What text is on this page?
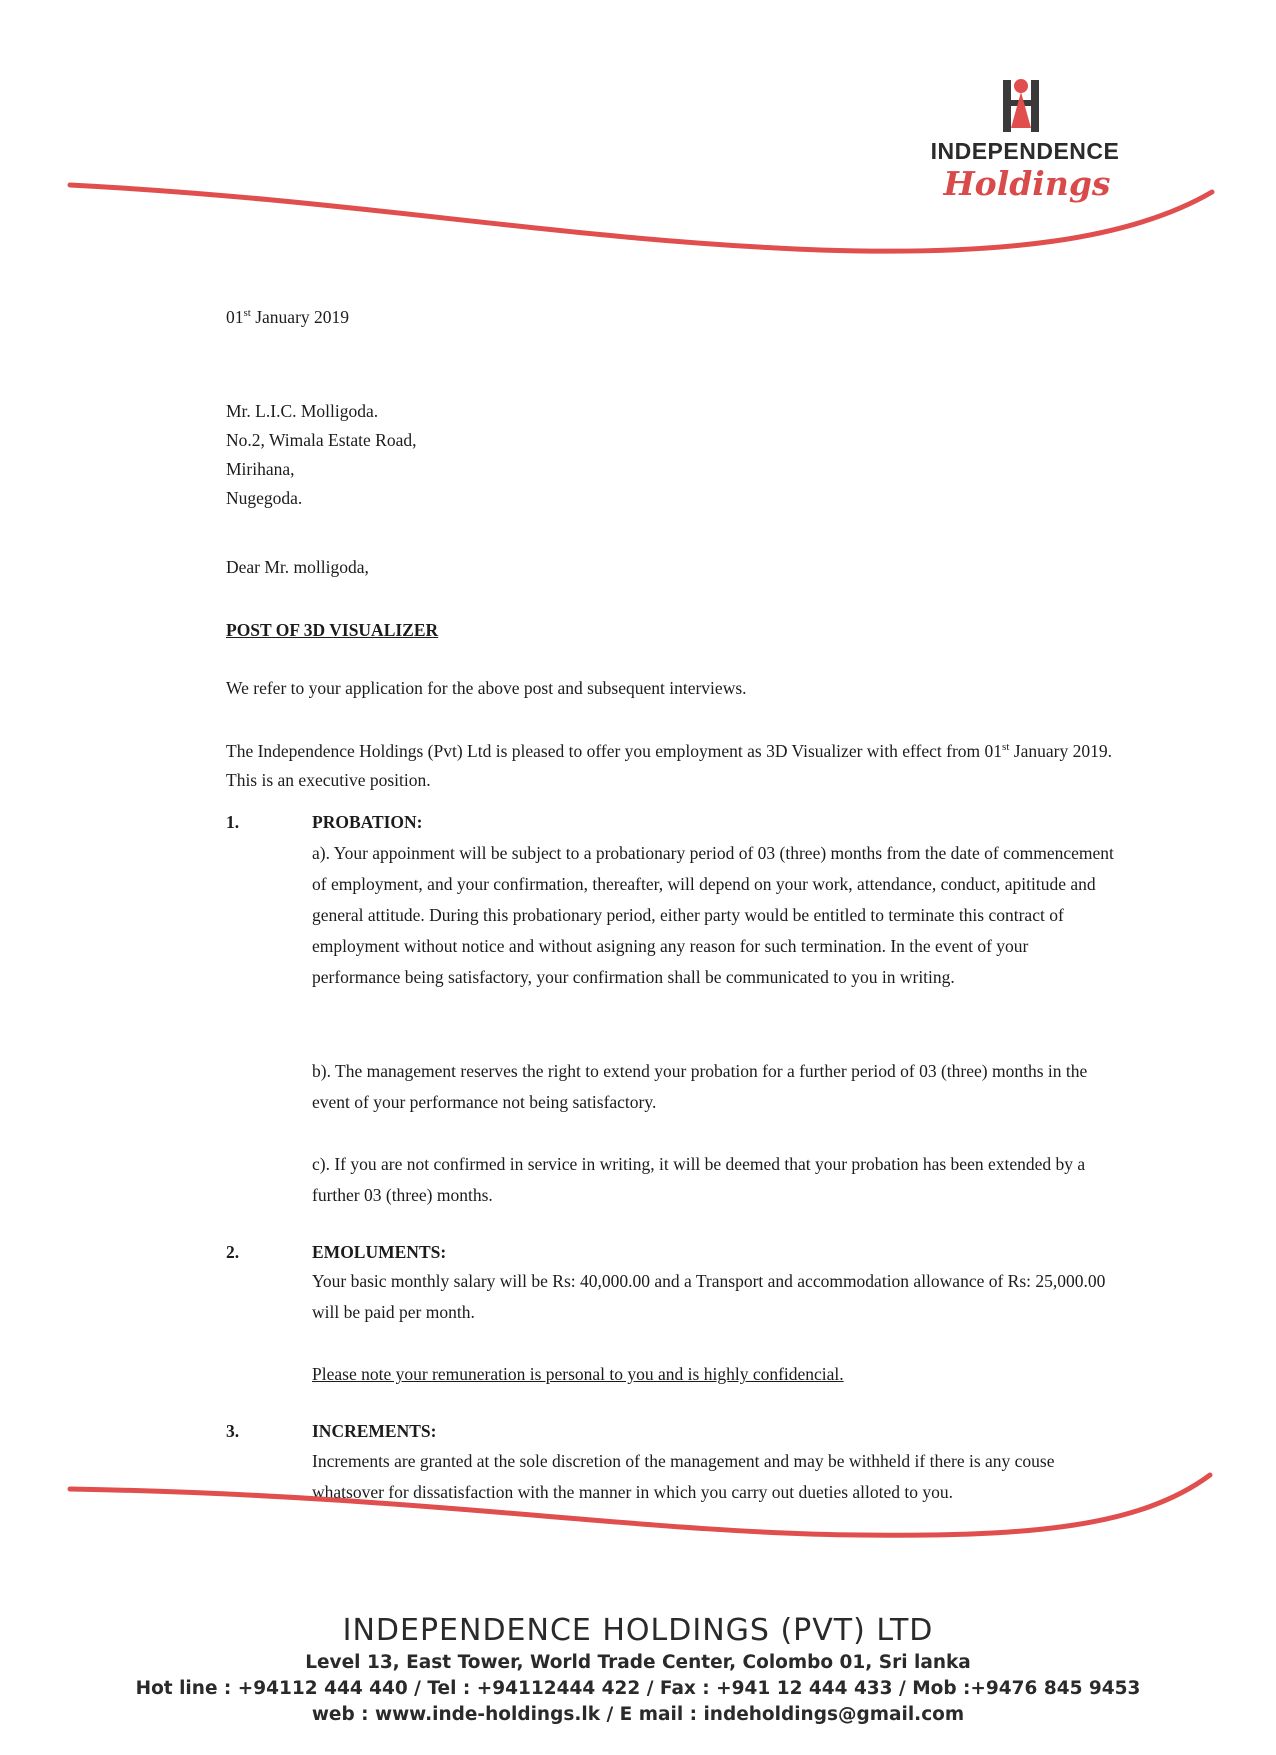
INDEPENDENCE
Holdings
01st January 2019
Mr. L.I.C. Molligoda.
No.2, Wimala Estate Road,
Mirihana,
Nugegoda.
Dear Mr. molligoda,
POST OF 3D VISUALIZER
We refer to your application for the above post and subsequent interviews.
The Independence Holdings (Pvt) Ltd is pleased to offer you employment as 3D Visualizer with effect from 01st January 2019. This is an executive position.
1.	PROBATION:
a). Your appoinment will be subject to a probationary period of 03 (three) months from the date of commencement of employment, and your confirmation, thereafter, will depend on your work, attendance, conduct, apititude and general attitude. During this probationary period, either party would be entitled to terminate this contract of employment without notice and without asigning any reason for such termination. In the event of your performance being satisfactory, your confirmation shall be communicated to you in writing.
b). The management reserves the right to extend your probation for a further period of 03 (three) months in the event of your performance not being satisfactory.
c). If you are not confirmed in service in writing, it will be deemed that your probation has been extended by a further 03 (three) months.
2.	EMOLUMENTS:
Your basic monthly salary will be Rs: 40,000.00 and a Transport and accommodation allowance of Rs: 25,000.00 will be paid per month.
Please note your remuneration is personal to you and is highly confidencial.
3.	INCREMENTS:
Increments are granted at the sole discretion of the management and may be withheld if there is any couse whatsover for dissatisfaction with the manner in which you carry out dueties alloted to you.
INDEPENDENCE HOLDINGS (PVT) LTD
Level 13, East Tower, World Trade Center, Colombo 01, Sri lanka
Hot line : +94112 444 440 / Tel : +94112444 422 / Fax : +941 12 444 433 / Mob :+9476 845 9453
web : www.inde-holdings.lk / E mail : indeholdings@gmail.com
